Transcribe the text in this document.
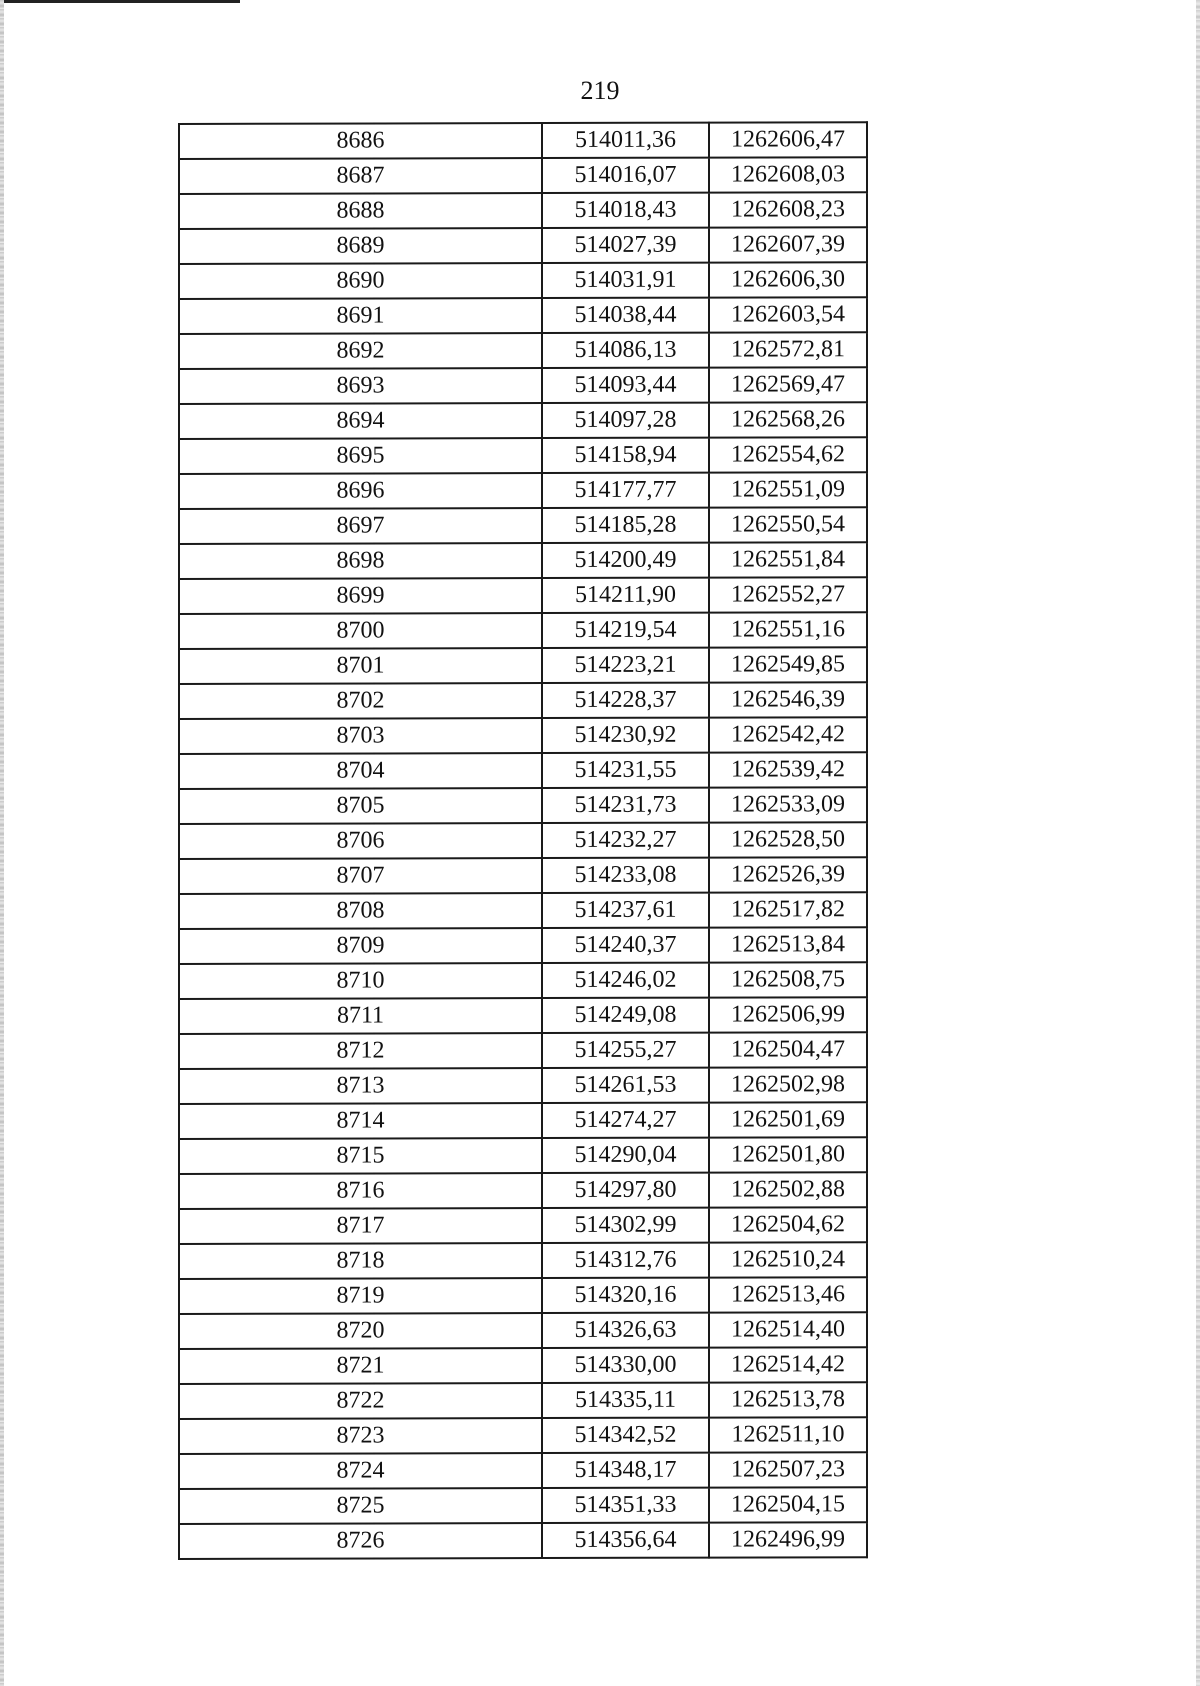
219
8686	514011,36	1262606,47
8687	514016,07	1262608,03
8688	514018,43	1262608,23
8689	514027,39	1262607,39
8690	514031,91	1262606,30
8691	514038,44	1262603,54
8692	514086,13	1262572,81
8693	514093,44	1262569,47
8694	514097,28	1262568,26
8695	514158,94	1262554,62
8696	514177,77	1262551,09
8697	514185,28	1262550,54
8698	514200,49	1262551,84
8699	514211,90	1262552,27
8700	514219,54	1262551,16
8701	514223,21	1262549,85
8702	514228,37	1262546,39
8703	514230,92	1262542,42
8704	514231,55	1262539,42
8705	514231,73	1262533,09
8706	514232,27	1262528,50
8707	514233,08	1262526,39
8708	514237,61	1262517,82
8709	514240,37	1262513,84
8710	514246,02	1262508,75
8711	514249,08	1262506,99
8712	514255,27	1262504,47
8713	514261,53	1262502,98
8714	514274,27	1262501,69
8715	514290,04	1262501,80
8716	514297,80	1262502,88
8717	514302,99	1262504,62
8718	514312,76	1262510,24
8719	514320,16	1262513,46
8720	514326,63	1262514,40
8721	514330,00	1262514,42
8722	514335,11	1262513,78
8723	514342,52	1262511,10
8724	514348,17	1262507,23
8725	514351,33	1262504,15
8726	514356,64	1262496,99
